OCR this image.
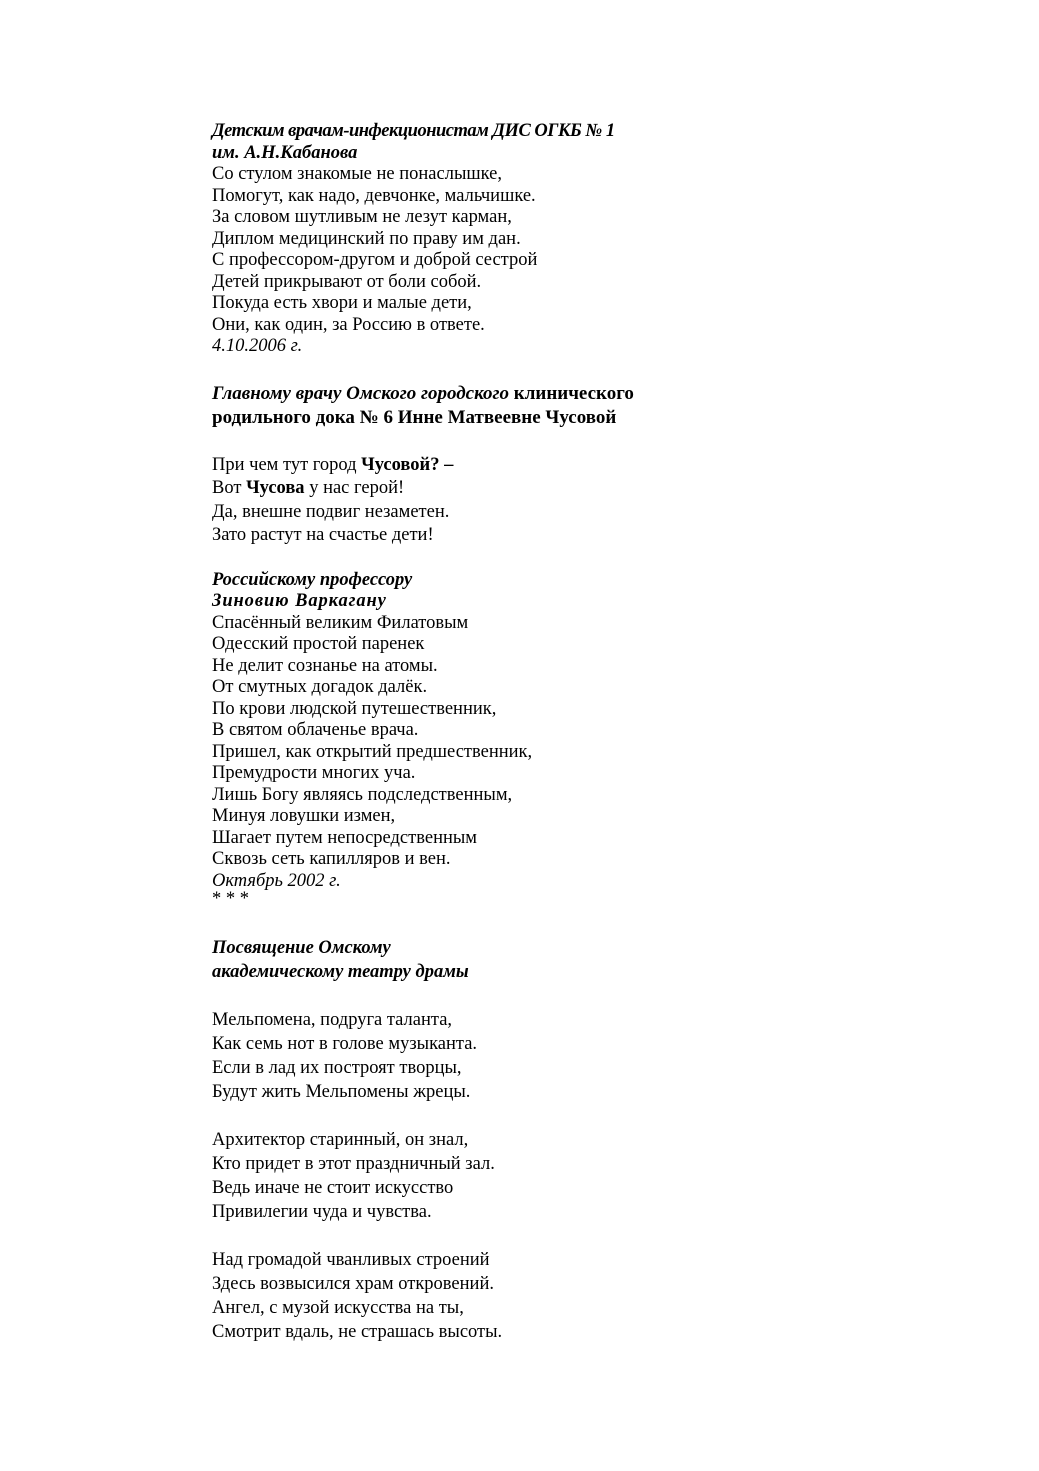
Детским врачам-инфекционистам ДИС ОГКБ № 1

им. А.Н.Кабанова

Со стулом знакомые не понаслышке,

Помогут, как надо, девчонке, мальчишке.

За словом шутливым не лезут карман,

Диплом медицинский по праву им дан.

С профессором-другом и доброй сестрой

Детей прикрывают от боли собой.

Покуда есть хвори и малые дети,

Они, как один, за Россию в ответе.

4.10.2006 г.

Главному врачу Омского городского клинического

родильного дока № 6 Инне Матвеевне Чусовой

При чем тут город Чусовой? –

Вот Чусова у нас герой!

Да, внешне подвиг незаметен.

Зато растут на счастье дети!

Российскому профессору

Зиновию Варкагану

Спасённый великим Филатовым

Одесский простой паренек

Не делит сознанье на атомы.

От смутных догадок далёк.

По крови людской путешественник,

В святом облаченье врача.

Пришел, как открытий предшественник,

Премудрости многих уча.

Лишь Богу являясь подследственным,

Минуя ловушки измен,

Шагает путем непосредственным

Сквозь сеть капилляров и вен.

Октябрь 2002 г.

* * *

Посвящение Омскому

академическому театру драмы

Мельпомена, подруга таланта,

Как семь нот в голове музыканта.

Если в лад их построят творцы,

Будут жить Мельпомены жрецы.

Архитектор старинный, он знал,

Кто придет в этот праздничный зал.

Ведь иначе не стоит искусство

Привилегии чуда и чувства.

Над громадой чванливых строений

Здесь возвысился храм откровений.

Ангел, с музой искусства на ты,

Смотрит вдаль, не страшась высоты.
